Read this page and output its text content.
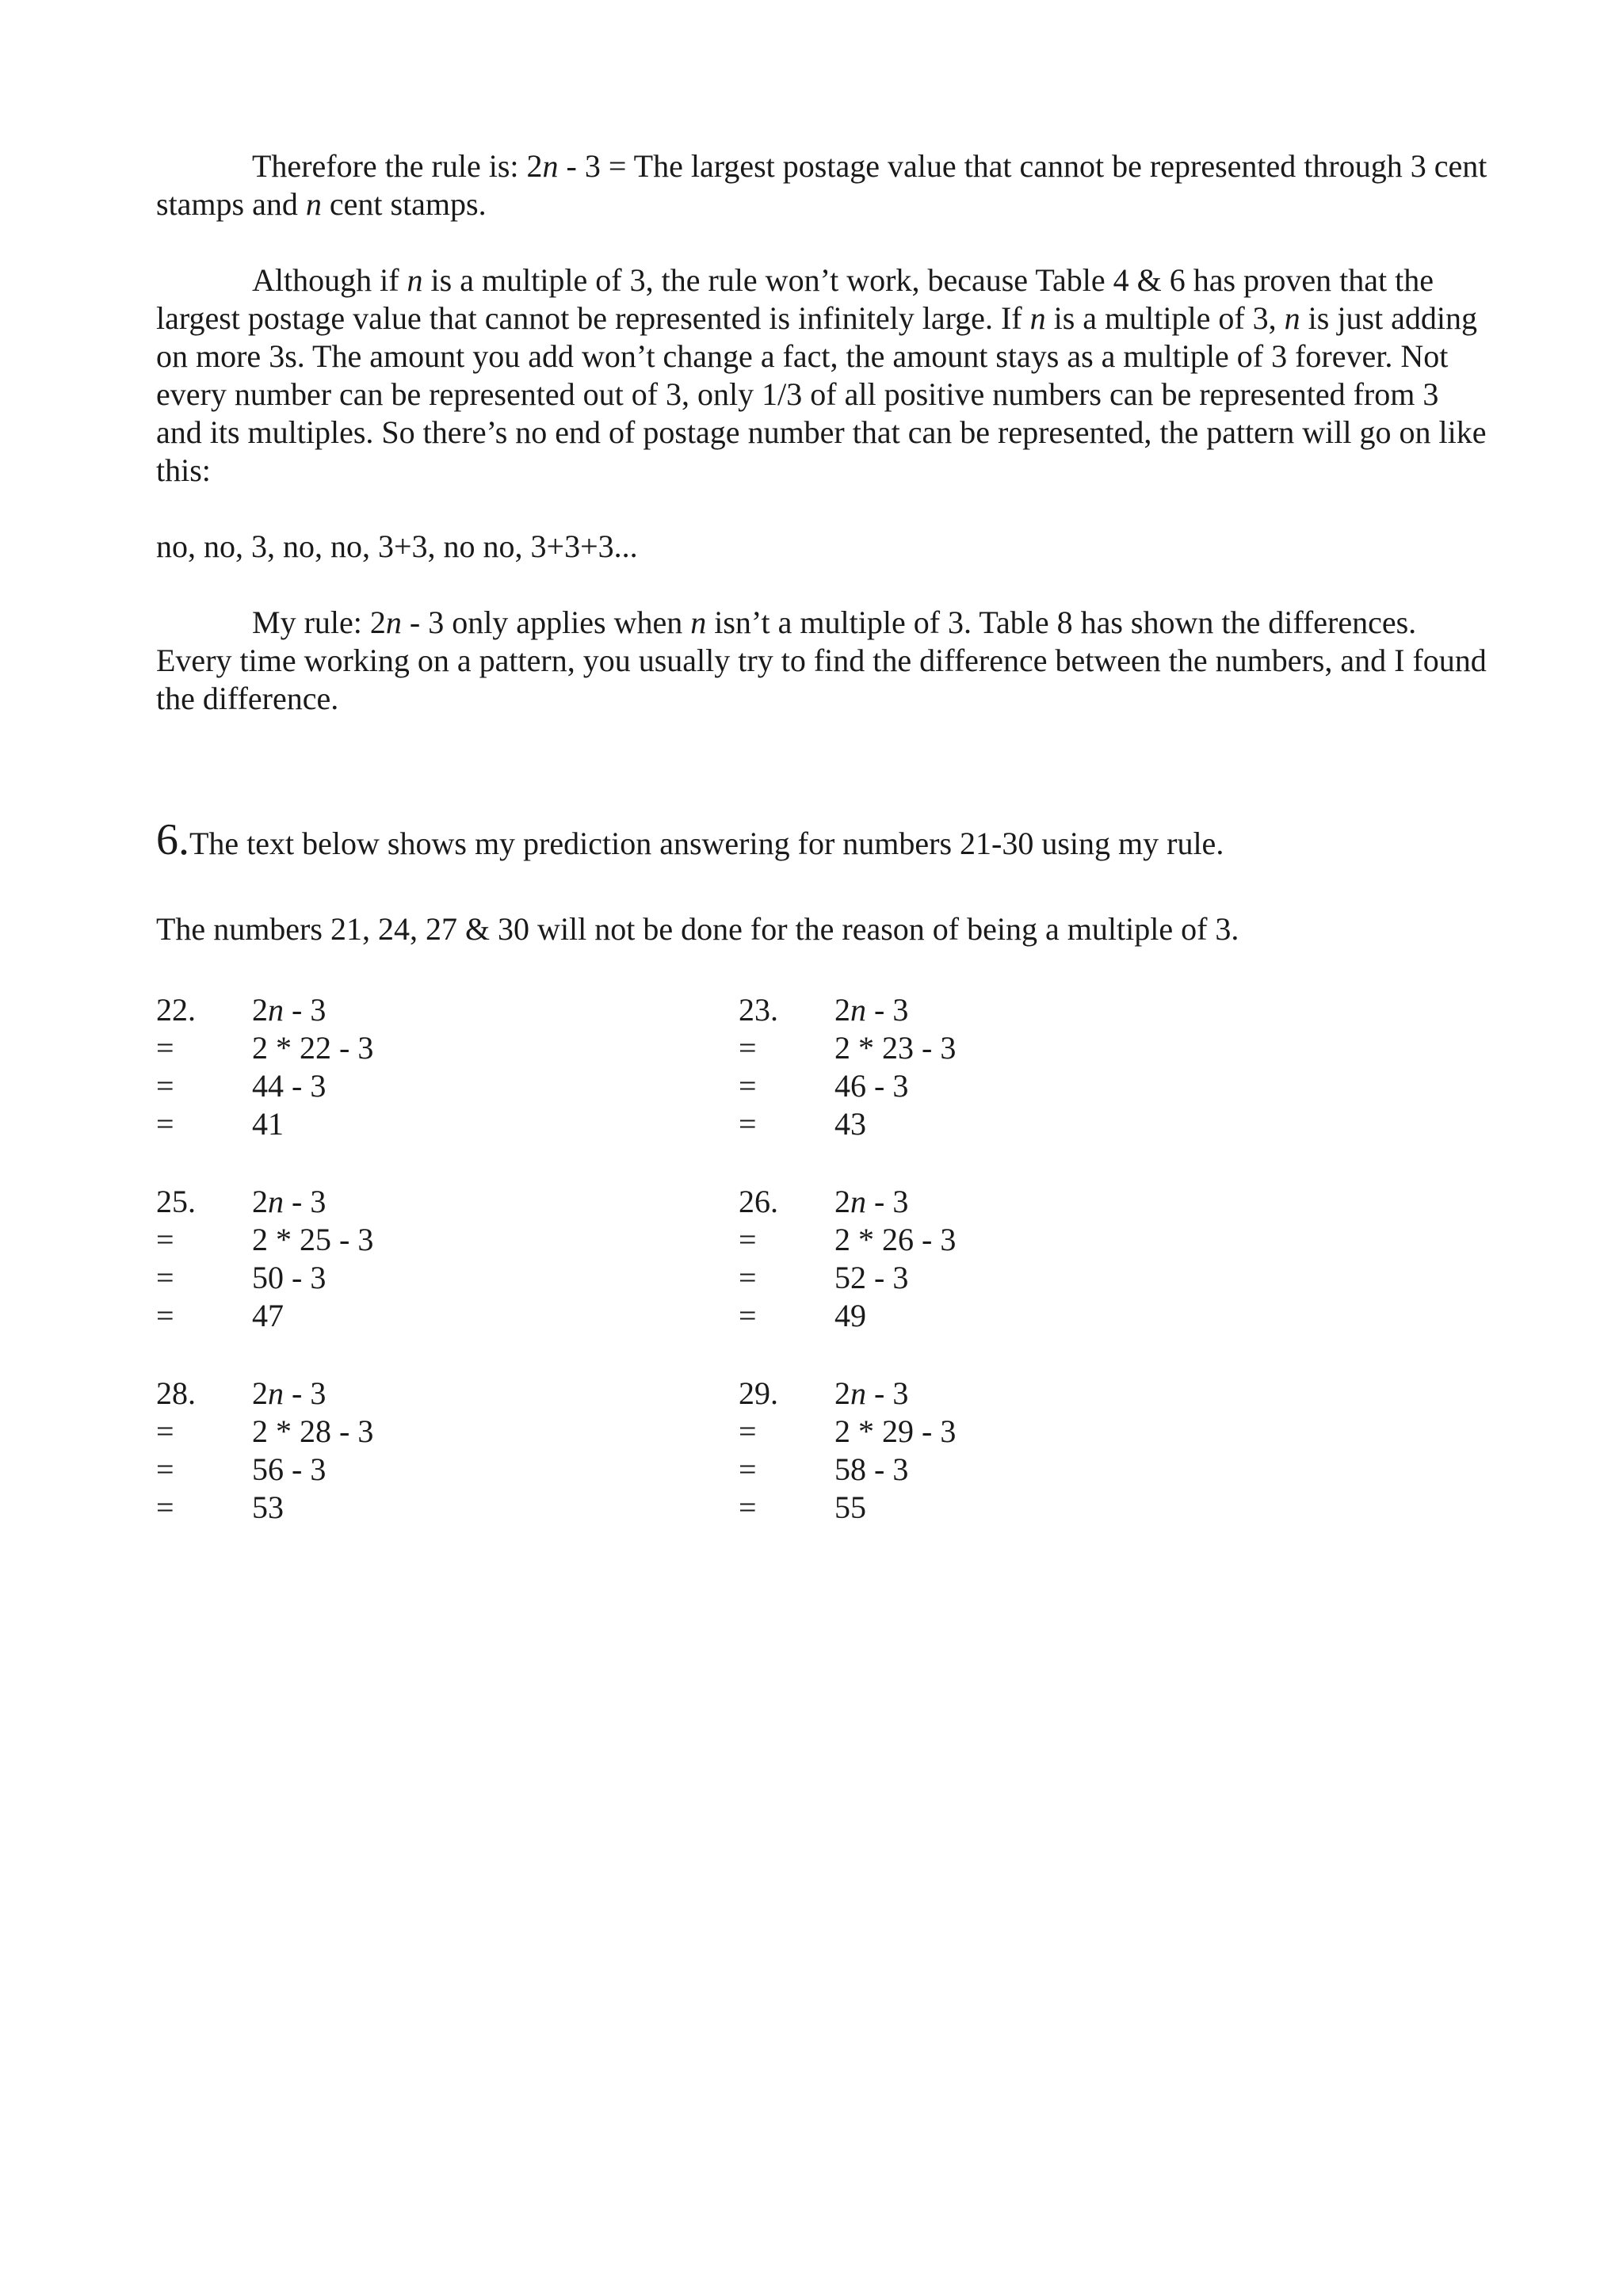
Therefore the rule is: 2n - 3 = The largest postage value that cannot be represented through 3 cent stamps and n cent stamps.

Although if n is a multiple of 3, the rule won’t work, because Table 4 & 6 has proven that the largest postage value that cannot be represented is infinitely large. If n is a multiple of 3, n is just adding on more 3s. The amount you add won’t change a fact, the amount stays as a multiple of 3 forever. Not every number can be represented out of 3, only 1/3 of all positive numbers can be represented from 3 and its multiples. So there’s no end of postage number that can be represented, the pattern will go on like this:

no, no, 3, no, no, 3+3, no no, 3+3+3...

My rule: 2n - 3 only applies when n isn’t a multiple of 3. Table 8 has shown the differences. Every time working on a pattern, you usually try to find the difference between the numbers, and I found the difference.

6.The text below shows my prediction answering for numbers 21-30 using my rule.

The numbers 21, 24, 27 & 30 will not be done for the reason of being a multiple of 3.

22.	2n - 3
=	2 * 22 - 3
=	44 - 3
=	41
23.	2n - 3
=	2 * 23 - 3
=	46 - 3
=	43
25.	2n - 3
=	2 * 25 - 3
=	50 - 3
=	47
26.	2n - 3
=	2 * 26 - 3
=	52 - 3
=	49
28.	2n - 3
=	2 * 28 - 3
=	56 - 3
=	53
29.	2n - 3
=	2 * 29 - 3
=	58 - 3
=	55
